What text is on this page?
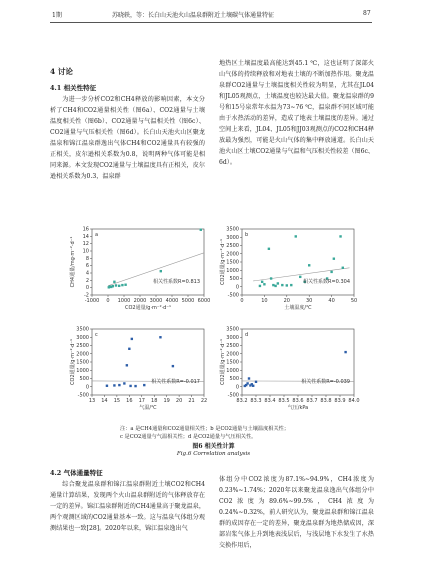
1期	苏晓轶，等：长白山天池火山温泉群附近土壤碳气体通量特征	87
4 讨论
4.1 相关性特征

为进一步分析CO2和CH4释放的影响因素，本文分析了CH4和CO2通量相关性（图6a）、CO2通量与土壤温度相关性（图6b）、CO2通量与气温相关性（图6c）、CO2通量与气压相关性（图6d）。长白山天池火山区聚龙温泉和锦江温泉群逸出气体CH4和CO2通量具有较强的正相关，皮尔逊相关系数为0.8，说明两种气体可能是相同来源。本文发现CO2通量与土壤温度具有正相关，皮尔逊相关系数为0.3，温泉群

地热区土壤温度最高能达到45.1 ℃，这也证明了深部火山气体的持续释放和对地表土壤的不断加热作用。聚龙温泉群CO2通量与土壤温度相关性较为明显，尤其在JL04和JL05观测点，土壤温度也较达最大值。聚龙温泉群的9号和15号泉常年水温为73~76 ℃，温泉群不同区域可能由于水热活动的差异，造成了地表土壤温度的差异。通过空间上来看，JL04、JL05和JJ03观测点的CO2和CH4释放最为强烈，可能是火山气体的集中释放通道。长白山天池火山区土壤CO2通量与气温和气压相关性较差（图6c、6d）。

-2
0
2
4
6
8
10
12
14
16
-1000 0 1000 2000 3000 4000 5000 6000
CO2通量/g·m⁻²·d⁻¹
CH4通量/mg·m⁻²·d⁻¹
a
相关性系数R=0.813
-500
0
500
1000
1500
2000
2500
3000
3500
0	10	20	30	40	50
土壤温度/℃
CO2通量/g·m⁻²·d⁻¹
b
相关性系数R=0.304
-500
0
500
1000
1500
2000
2500
3000
3500
13 14 15 16 17 18 19 20 21 22
气温/℃
CO2通量/g·m⁻²·d⁻¹
c
相关性系数R=-0.017
-500
0
500
1000
1500
2000
2500
3000
3500
83.2 83.3 83.4 83.5 83.6 83.7 83.8 83.9 84.0
气压/kPa
CO2通量/g·m⁻²·d⁻¹
d
相关性系数R=-0.039
注：a 是CH4通量和CO2通量相关性；b 是CO2通量与土壤温度相关性；
c 是CO2通量与气温相关性；d 是CO2通量与气压相关性。
图6 相关性计算
Fig.6 Correlation analysis
4.2 气体通量特征

综合聚龙温泉群和锦江温泉群附近土壤CO2和CH4通量计算结果，发现两个火山温泉群附近的气体释放存在一定的差异。锦江温泉群附近的CH4通量高于聚龙温泉，两个观测区域的CO2通量基本一致。这与温泉气体组分观测结果也一致[28]。2020年以来，锦江温泉逸出气

体组分中CO2浓度为87.1%~94.9%，CH4浓度为0.23%~1.74%；2020年以来聚龙温泉逸出气体组分中CO2浓度为89.6%~99.5%，CH4浓度为0.24%~0.32%，前人研究认为，聚龙温泉群和锦江温泉群的成因存在一定的差异，聚龙温泉群为地热储成因，深部岩浆气体上升到地表浅层后，与浅层地下水发生了水热交换作用后，
